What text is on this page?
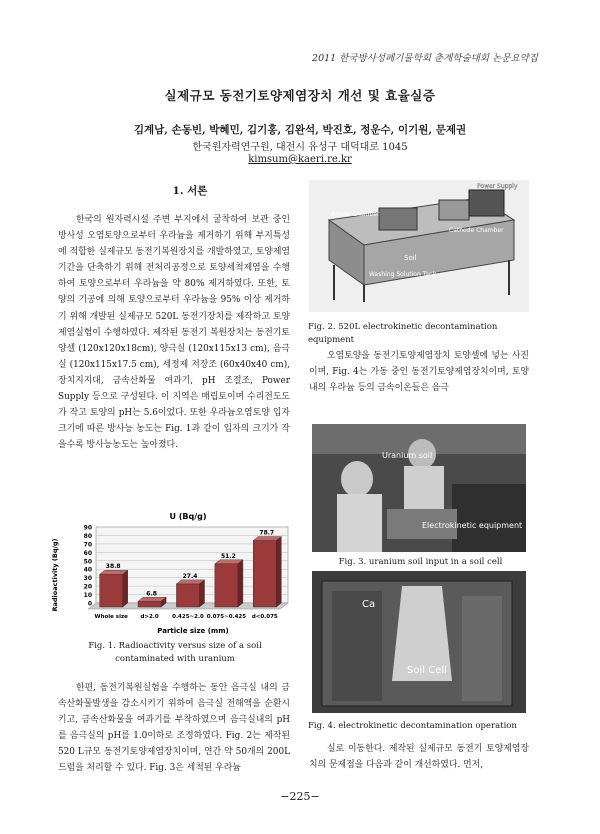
2011 한국방사성폐기물학회 춘계학술대회 논문요약집
실제규모 동전기토양제염장치 개선 및 효율실증
김계남, 손동빈, 박혜민, 김기홍, 김완석, 박진호, 정운수, 이기원, 문제권
한국원자력연구원, 대전시 유성구 대덕대로 1045
kimsum@kaeri.re.kr
1. 서론
한국의 원자력시설 주변 부지에서 굴착하여 보관 중인 방사성 오염토양으로부터 우라늄을 제거하기 위해 부지특성에 적합한 실제규모 동전기복원장치를 개발하였고, 토양제염기간을 단축하기 위해 전처리공정으로 토양세척제염을 수행하여 토양으로부터 우라늄을 약 80% 제거하였다. 또한, 토양의 기공에 의해 토양으로부터 우라늄을 95% 이상 제거하기 위해 개발된 실제규모 520L 동전기장치를 제작하고 토양제염실험이 수행하였다. 제작된 동전기 복원장치는 동전기토양셀 (120x120x18cm), 양극실 (120x115x13 cm), 음극실 (120x115x17.5 cm), 세정제 저장조 (60x40x40 cm), 장치지지대, 금속산화물 여과기, pH 조절조, Power Supply 등으로 구성된다. 이 지역은 매립토이며 수리전도도가 작고 토양의 pH는 5.6이었다. 또한 우라늄오염토양 입자크기에 따른 방사능 농도는 Fig. 1과 같이 입자의 크기가 작을수록 방사능농도는 높아졌다.
0
10
20
30
40
50
60
70
80
90
Whole size d>2.0 0.425~2.0 0.075~0.425 d<0.075
38.8
6.8
27.4
51.2
78.7
U (Bq/g)
Radioactivity (Bq/g)
Particle size (mm)
Fig. 1. Radioactivity versus size of a soil contaminated with uranium
한편, 동전기복원실험을 수행하는 동안 음극실 내의 금속산화물발생을 감소시키기 위하여 음극실 전해액을 순환시키고, 금속산화물을 여과기를 부착하였으며 음극실내의 pH를 음극실의 pH를 1.0이하로 조정하였다. Fig. 2는 제작된 520 L규모 동전기토양제염장치이며, 연간 약 50개의 200L 드럼을 처리할 수 있다. Fig. 3은 세척된 우라늄
Power Supply
Anode Chamber
Cathode Chamber
Soil
Washing Solution Tank
Fig. 2. 520L electrokinetic decontamination equipment
오염토양을 동전기토양제염장치 토양셀에 넣는 사진이며, Fig. 4는 가동 중인 동전기토양제염장치이며, 토양내의 우라늄 등의 금속이온들은 음극
Uranium soil
Electrokinetic equipment
Fig. 3. uranium soil input in a soil cell
Ca
Soil Cell
Fig. 4. electrokinetic decontamination operation
실로 이동한다. 제작된 실제규모 동전기 토양제염장치의 문제점을 다음과 같이 개선하였다. 먼저,
−225−
